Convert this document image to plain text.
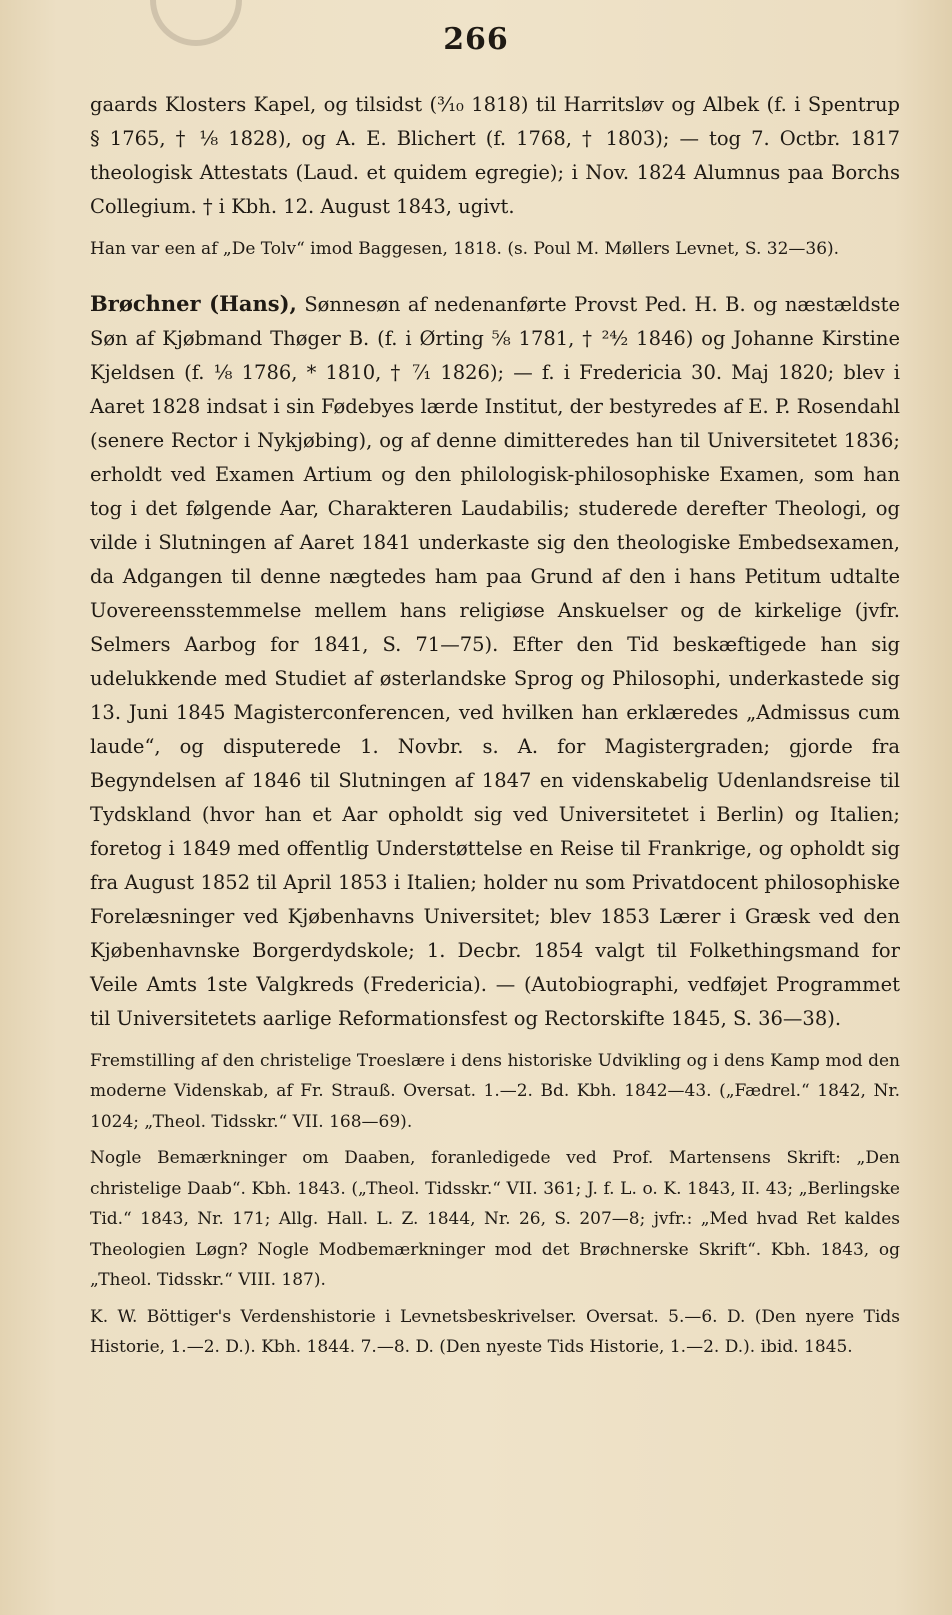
266

gaards Klosters Kapel, og tilsidst (³⁄₁₀ 1818) til Harritsløv og Albek (f. i Spentrup § 1765, † ¹⁄₈ 1828), og A. E. Blichert (f. 1768, † 1803); — tog 7. Octbr. 1817 theologisk Attestats (Laud. et quidem egregie); i Nov. 1824 Alumnus paa Borchs Collegium. † i Kbh. 12. August 1843, ugivt.

Han var een af „De Tolv“ imod Baggesen, 1818. (s. Poul M. Møllers Levnet, S. 32—36).

Brøchner (Hans), Sønnesøn af nedenanførte Provst Ped. H. B. og næstældste Søn af Kjøbmand Thøger B. (f. i Ørting ⁵⁄₈ 1781, † ²⁴⁄₂ 1846) og Johanne Kirstine Kjeldsen (f. ¹⁄₈ 1786, * 1810, † ⁷⁄₁ 1826); — f. i Fredericia 30. Maj 1820; blev i Aaret 1828 indsat i sin Fødebyes lærde Institut, der bestyredes af E. P. Rosendahl (senere Rector i Nykjøbing), og af denne dimitteredes han til Universitetet 1836; erholdt ved Examen Artium og den philologisk-philosophiske Examen, som han tog i det følgende Aar, Charakteren Laudabilis; studerede derefter Theologi, og vilde i Slutningen af Aaret 1841 underkaste sig den theologiske Embedsexamen, da Adgangen til denne nægtedes ham paa Grund af den i hans Petitum udtalte Uovereensstemmelse mellem hans religiøse Anskuelser og de kirkelige (jvfr. Selmers Aarbog for 1841, S. 71—75). Efter den Tid beskæftigede han sig udelukkende med Studiet af østerlandske Sprog og Philosophi, underkastede sig 13. Juni 1845 Magisterconferencen, ved hvilken han erklæredes „Admissus cum laude“, og disputerede 1. Novbr. s. A. for Magistergraden; gjorde fra Begyndelsen af 1846 til Slutningen af 1847 en videnskabelig Udenlandsreise til Tydskland (hvor han et Aar opholdt sig ved Universitetet i Berlin) og Italien; foretog i 1849 med offentlig Understøttelse en Reise til Frankrige, og opholdt sig fra August 1852 til April 1853 i Italien; holder nu som Privatdocent philosophiske Forelæsninger ved Kjøbenhavns Universitet; blev 1853 Lærer i Græsk ved den Kjøbenhavnske Borgerdydskole; 1. Decbr. 1854 valgt til Folkethingsmand for Veile Amts 1ste Valgkreds (Fredericia). — (Autobiographi, vedføjet Programmet til Universitetets aarlige Reformationsfest og Rectorskifte 1845, S. 36—38).

Fremstilling af den christelige Troeslære i dens historiske Udvikling og i dens Kamp mod den moderne Videnskab, af Fr. Strauß. Oversat. 1.—2. Bd. Kbh. 1842—43. („Fædrel.“ 1842, Nr. 1024; „Theol. Tidsskr.“ VII. 168—69).

Nogle Bemærkninger om Daaben, foranledigede ved Prof. Martensens Skrift: „Den christelige Daab“. Kbh. 1843. („Theol. Tidsskr.“ VII. 361; J. f. L. o. K. 1843, II. 43; „Berlingske Tid.“ 1843, Nr. 171; Allg. Hall. L. Z. 1844, Nr. 26, S. 207—8; jvfr.: „Med hvad Ret kaldes Theologien Løgn? Nogle Modbemærkninger mod det Brøchnerske Skrift“. Kbh. 1843, og „Theol. Tidsskr.“ VIII. 187).

K. W. Böttiger's Verdenshistorie i Levnetsbeskrivelser. Oversat. 5.—6. D. (Den nyere Tids Historie, 1.—2. D.). Kbh. 1844. 7.—8. D. (Den nyeste Tids Historie, 1.—2. D.). ibid. 1845.
